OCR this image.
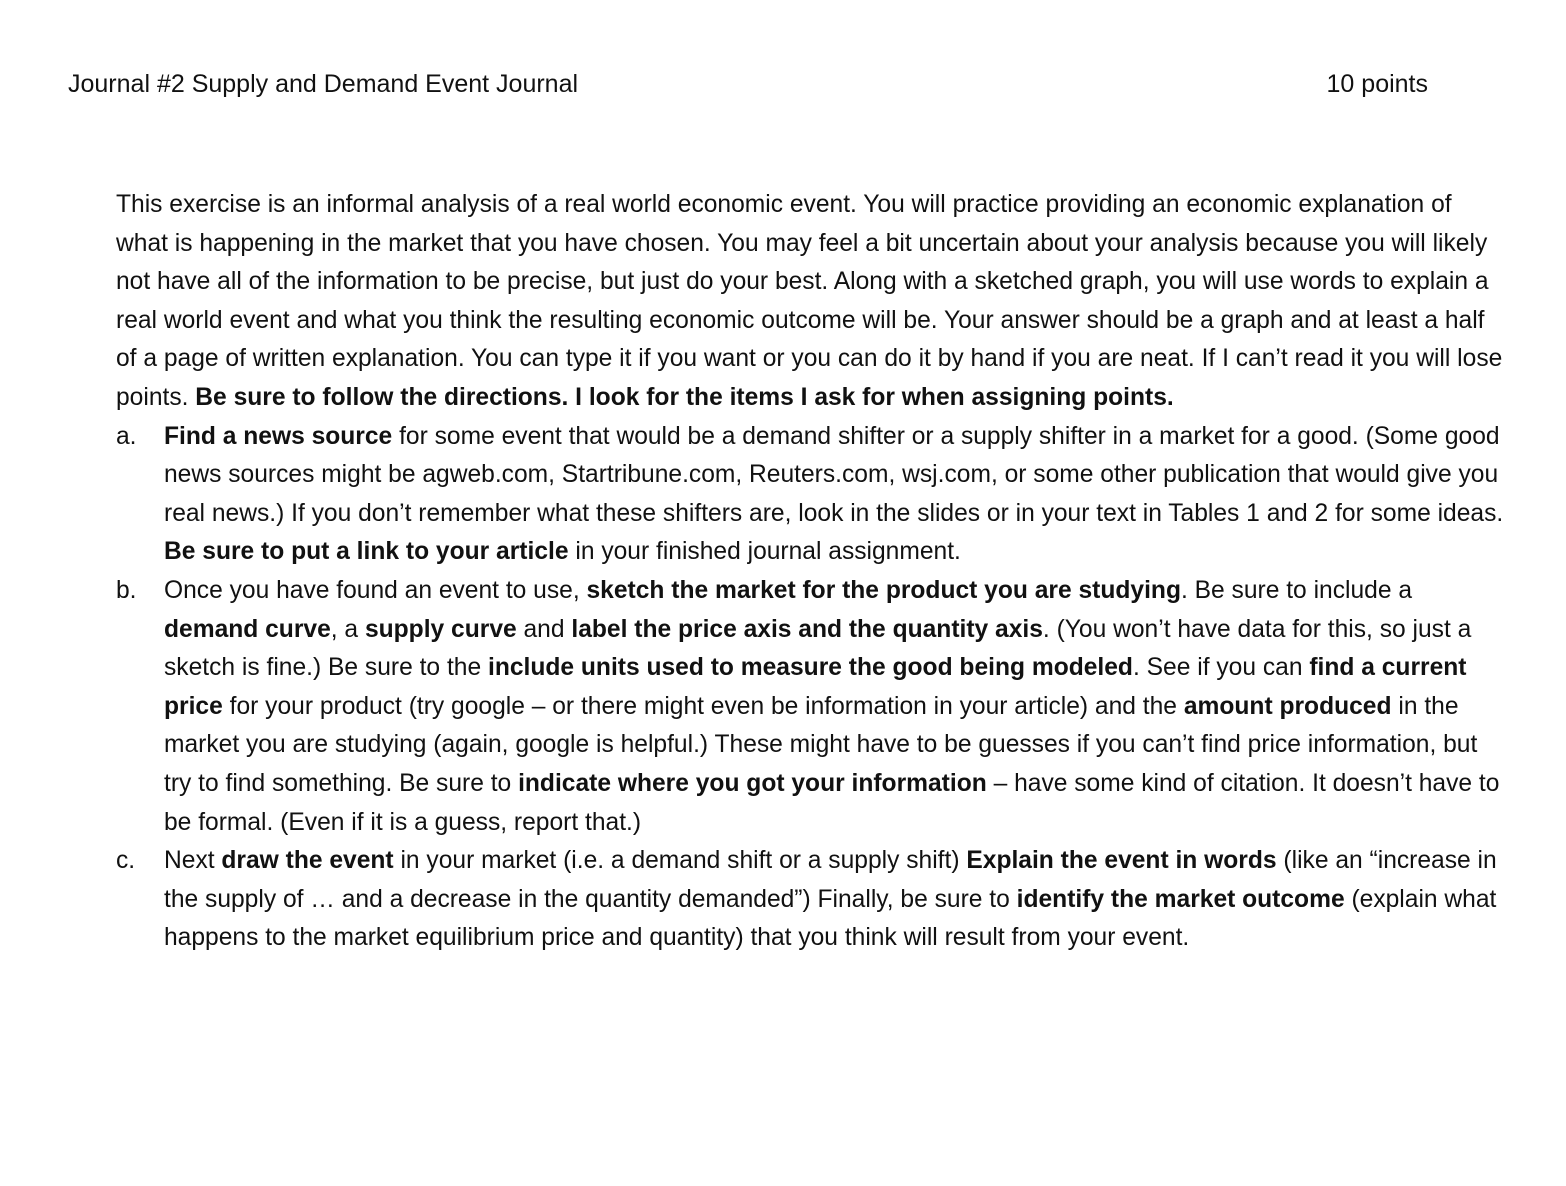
Journal #2 Supply and Demand Event Journal	10 points

This exercise is an informal analysis of a real world economic event. You will practice providing an economic explanation of what is happening in the market that you have chosen. You may feel a bit uncertain about your analysis because you will likely not have all of the information to be precise, but just do your best. Along with a sketched graph, you will use words to explain a real world event and what you think the resulting economic outcome will be. Your answer should be a graph and at least a half of a page of written explanation. You can type it if you want or you can do it by hand if you are neat. If I can’t read it you will lose points. Be sure to follow the directions. I look for the items I ask for when assigning points.

a. Find a news source for some event that would be a demand shifter or a supply shifter in a market for a good. (Some good news sources might be agweb.com, Startribune.com, Reuters.com, wsj.com, or some other publication that would give you real news.) If you don’t remember what these shifters are, look in the slides or in your text in Tables 1 and 2 for some ideas. Be sure to put a link to your article in your finished journal assignment.
b. Once you have found an event to use, sketch the market for the product you are studying. Be sure to include a demand curve, a supply curve and label the price axis and the quantity axis. (You won’t have data for this, so just a sketch is fine.) Be sure to the include units used to measure the good being modeled. See if you can find a current price for your product (try google – or there might even be information in your article) and the amount produced in the market you are studying (again, google is helpful.) These might have to be guesses if you can’t find price information, but try to find something. Be sure to indicate where you got your information – have some kind of citation. It doesn’t have to be formal. (Even if it is a guess, report that.)
c. Next draw the event in your market (i.e. a demand shift or a supply shift) Explain the event in words (like an “increase in the supply of … and a decrease in the quantity demanded”) Finally, be sure to identify the market outcome (explain what happens to the market equilibrium price and quantity) that you think will result from your event.
